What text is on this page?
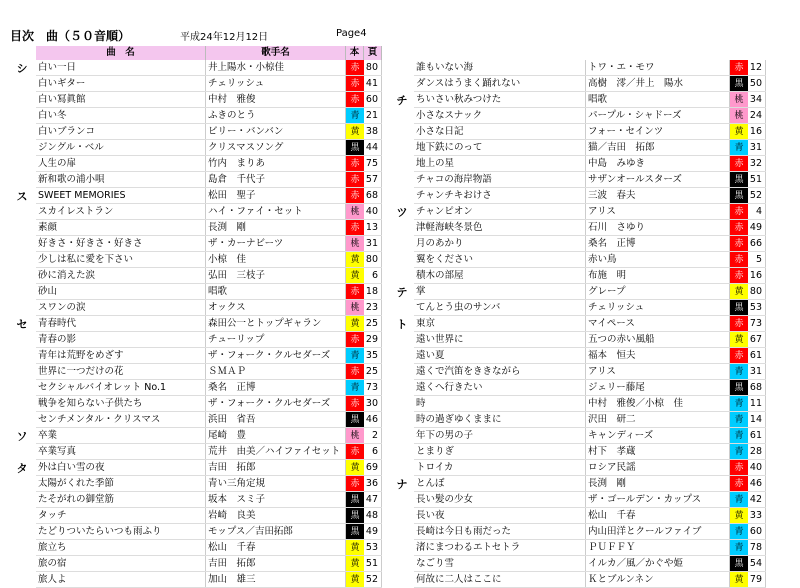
目次　曲（５０音順）	平成24年12月12日	Page4
曲　名	歌手名	本 頁
白い一日	井上陽水・小椋佳	赤 80
白いギター	チェリッシュ	赤 41
白い冩眞館	中村　雅俊	赤 60
白い冬	ふきのとう	青 21
白いブランコ	ビリー・バンバン	黄 38
ジングル・ベル	クリスマスソング	黒 44
人生の扉	竹内　まりあ	赤 75
新和歌の浦小唄	島倉　千代子	赤 57
SWEET MEMORIES	松田　聖子	赤 68
スカイレストラン	ハイ・ファイ・セット	桃 40
素顔	長渕　剛	赤 13
好きさ・好きさ・好きさ	ザ・カーナビーツ	桃 31
少しは私に愛を下さい	小椋　佳	黄 80
砂に消えた涙	弘田　三枝子	黄	6
砂山	唱歌	赤 18
スワンの涙	オックス	桃 23
青春時代	森田公一とトップギャラン	黄 25
青春の影	チューリップ	赤 29
青年は荒野をめざす	ザ・フォーク・クルセダーズ	青 35
世界に一つだけの花	ＳＭＡＰ	赤 25
セクシャルバイオレット No.1	桑名　正博	青 73
戦争を知らない子供たち	ザ・フォーク・クルセダーズ	赤 30
センチメンタル・クリスマス	浜田　省吾	黒 46
卒業	尾崎　豊	桃	2
卒業写真	荒井　由美／ハイファイセット	赤	6
外は白い雪の夜	吉田　拓郎	黄 69
太陽がくれた季節	青い三角定規	赤 36
たそがれの御堂筋	坂本　スミ子	黒 47
タッチ	岩崎　良美	黒 48
たどりついたらいつも雨ふり	モップス／吉田拓郎	黒 49
旅立ち	松山　千春	黄 53
旅の宿	吉田　拓郎	黄 51
旅人よ	加山　雄三	黄 52
誰もいない海	トワ・エ・モワ	赤 12
ダンスはうまく踊れない	高樹　澪／井上　陽水	黒 50
ちいさい秋みつけた	唱歌	桃 34
小さなスナック	パープル・シャドーズ	桃 24
小さな日記	フォー・セインツ	黄 16
地下鉄にのって	猫／吉田　拓郎	青 31
地上の星	中島　みゆき	赤 32
チャコの海岸物語	サザンオールスターズ	黒 51
チャンチキおけさ	三波　春夫	黒 52
チャンピオン	アリス	赤	4
津軽海峡冬景色	石川　さゆり	赤 49
月のあかり	桑名　正博	赤 66
翼をください	赤い鳥	赤	5
積木の部屋	布施　明	赤 16
掌	グレープ	黄 80
てんとう虫のサンバ	チェリッシュ	黒 53
東京	マイペース	赤 73
遠い世界に	五つの赤い風船	黄 67
遠い夏	福本　恒夫	赤 61
遠くで汽笛をききながら	アリス	青 31
遠くへ行きたい	ジェリー藤尾	黒 68
時	中村　雅俊／小椋　佳	青 11
時の過ぎゆくままに	沢田　研二	青 14
年下の男の子	キャンディーズ	青 61
とまりぎ	村下　孝蔵	青 28
トロイカ	ロシア民謡	赤 40
とんぼ	長渕　剛	赤 46
長い髪の少女	ザ・ゴールデン・カップス	青 42
長い夜	松山　千春	黄 33
長崎は今日も雨だった	内山田洋とクールファイブ	青 60
渚にまつわるエトセトラ	ＰＵＦＦＹ	青 78
なごり雪	イルカ／風／かぐや姫	黒 54
何故に二人はここに	Ｋとブルンネン	黄 79
シ
ス
セ
ソ
タ
チ
ツ
テ
ト
ナ
